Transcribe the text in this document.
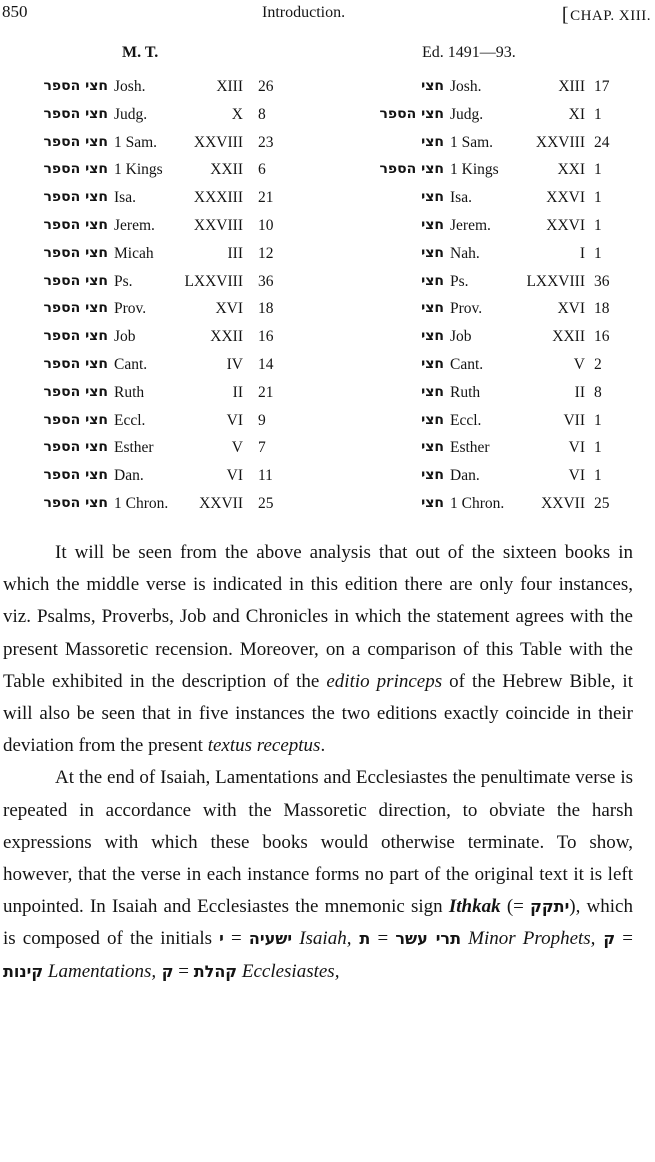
850	Introduction.
[	CHAP. XIII.
M. T.	Ed. 1491—93.
חצי הספר Josh.	XIII 26	חצי Josh.	XIII 17
חצי הספר Judg.	X 8	חצי הספר Judg.	XI 1
חצי הספר 1 Sam. XXVIII 23	חצי 1 Sam.	XXVIII 24
חצי הספר 1 Kings	XXII 6	חצי הספר 1 Kings	XXI 1
חצי הספר Isa.	XXXIII 21	חצי Isa.	XXVI 1
חצי הספר Jerem.	XXVIII 10	חצי Jerem.	XXVI 1
חצי הספר Micah	III 12	חצי Nah.	I 1
חצי הספר Ps.	LXXVIII 36	חצי Ps.	LXXVIII 36
חצי הספר Prov.	XVI 18	חצי Prov.	XVI 18
חצי הספר Job	XXII 16	חצי Job	XXII 16
חצי הספר Cant.	IV 14	חצי Cant.	V 2
חצי הספר Ruth	II 21	חצי Ruth	II 8
חצי הספר Eccl.	VI 9	חצי Eccl.	VII 1
חצי הספר Esther	V 7	חצי Esther	VI 1
חצי הספר Dan.	VI 11	חצי Dan.	VI 1
חצי הספר 1 Chron. XXVII 25	חצי 1 Chron. XXVII 25

It will be seen from the above analysis that out of the sixteen books in which the middle verse is indicated in this edition there are only four instances, viz. Psalms, Proverbs, Job and Chronicles in which the statement agrees with the present Massoretic recension. Moreover, on a comparison of this Table with the Table exhibited in the description of the editio princeps of the Hebrew Bible, it will also be seen that in five instances the two editions exactly coincide in their deviation from the present textus receptus.

At the end of Isaiah, Lamentations and Ecclesiastes the penultimate verse is repeated in accordance with the Massoretic direction, to obviate the harsh expressions with which these books would otherwise terminate. To show, however, that the verse in each instance forms no part of the original text it is left unpointed. In Isaiah and Ecclesiastes the mnemonic sign Ithkak (= יתקק), which is composed of the initials י = ישעיה Isaiah, ת = תרי עשר Minor Prophets, ק = קינות Lamentations, ק = קהלת Ecclesiastes,
